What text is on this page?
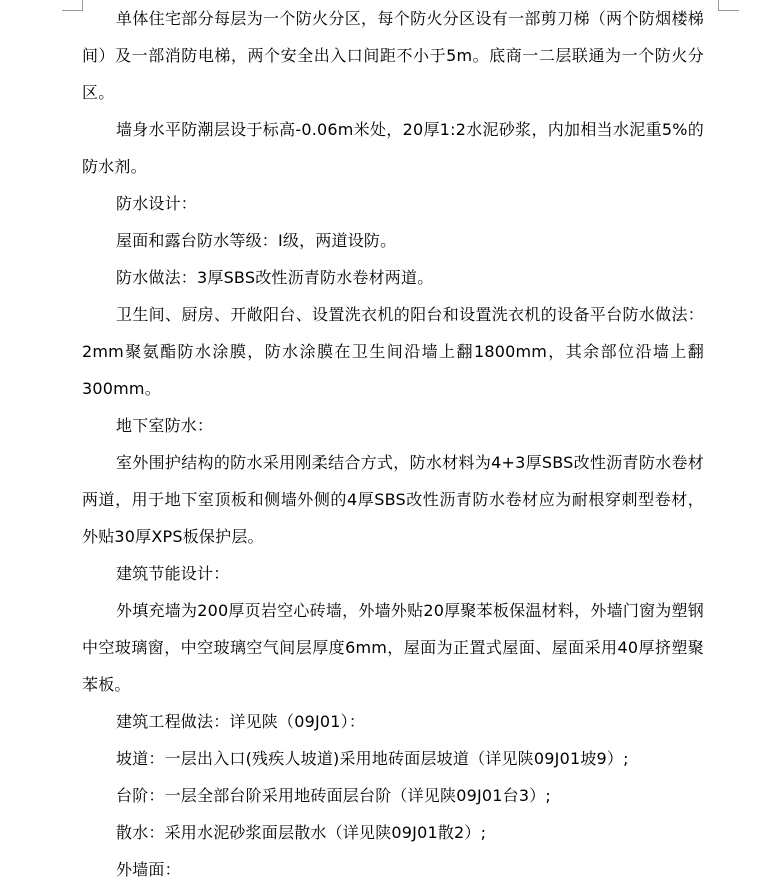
单体住宅部分每层为一个防火分区，每个防火分区设有一部剪刀梯（两个防烟楼梯间）及一部消防电梯，两个安全出入口间距不小于5m。底商一二层联通为一个防火分区。

墙身水平防潮层设于标高-0.06m米处，20厚1:2水泥砂浆，内加相当水泥重5%的防水剂。

防水设计：

屋面和露台防水等级：Ⅰ级，两道设防。

防水做法：3厚SBS改性沥青防水卷材两道。

卫生间、厨房、开敞阳台、设置洗衣机的阳台和设置洗衣机的设备平台防水做法：2mm聚氨酯防水涂膜，防水涂膜在卫生间沿墙上翻1800mm，其余部位沿墙上翻300mm。

地下室防水：

室外围护结构的防水采用刚柔结合方式，防水材料为4+3厚SBS改性沥青防水卷材两道，用于地下室顶板和侧墙外侧的4厚SBS改性沥青防水卷材应为耐根穿刺型卷材，外贴30厚XPS板保护层。

建筑节能设计：

外填充墙为200厚页岩空心砖墙，外墙外贴20厚聚苯板保温材料，外墙门窗为塑钢中空玻璃窗，中空玻璃空气间层厚度6mm，屋面为正置式屋面、屋面采用40厚挤塑聚苯板。

建筑工程做法：详见陕（09J01）：

坡道：一层出入口(残疾人坡道)采用地砖面层坡道（详见陕09J01坡9）;

台阶：一层全部台阶采用地砖面层台阶（详见陕09J01台3）;

散水：采用水泥砂浆面层散水（详见陕09J01散2）;

外墙面：
